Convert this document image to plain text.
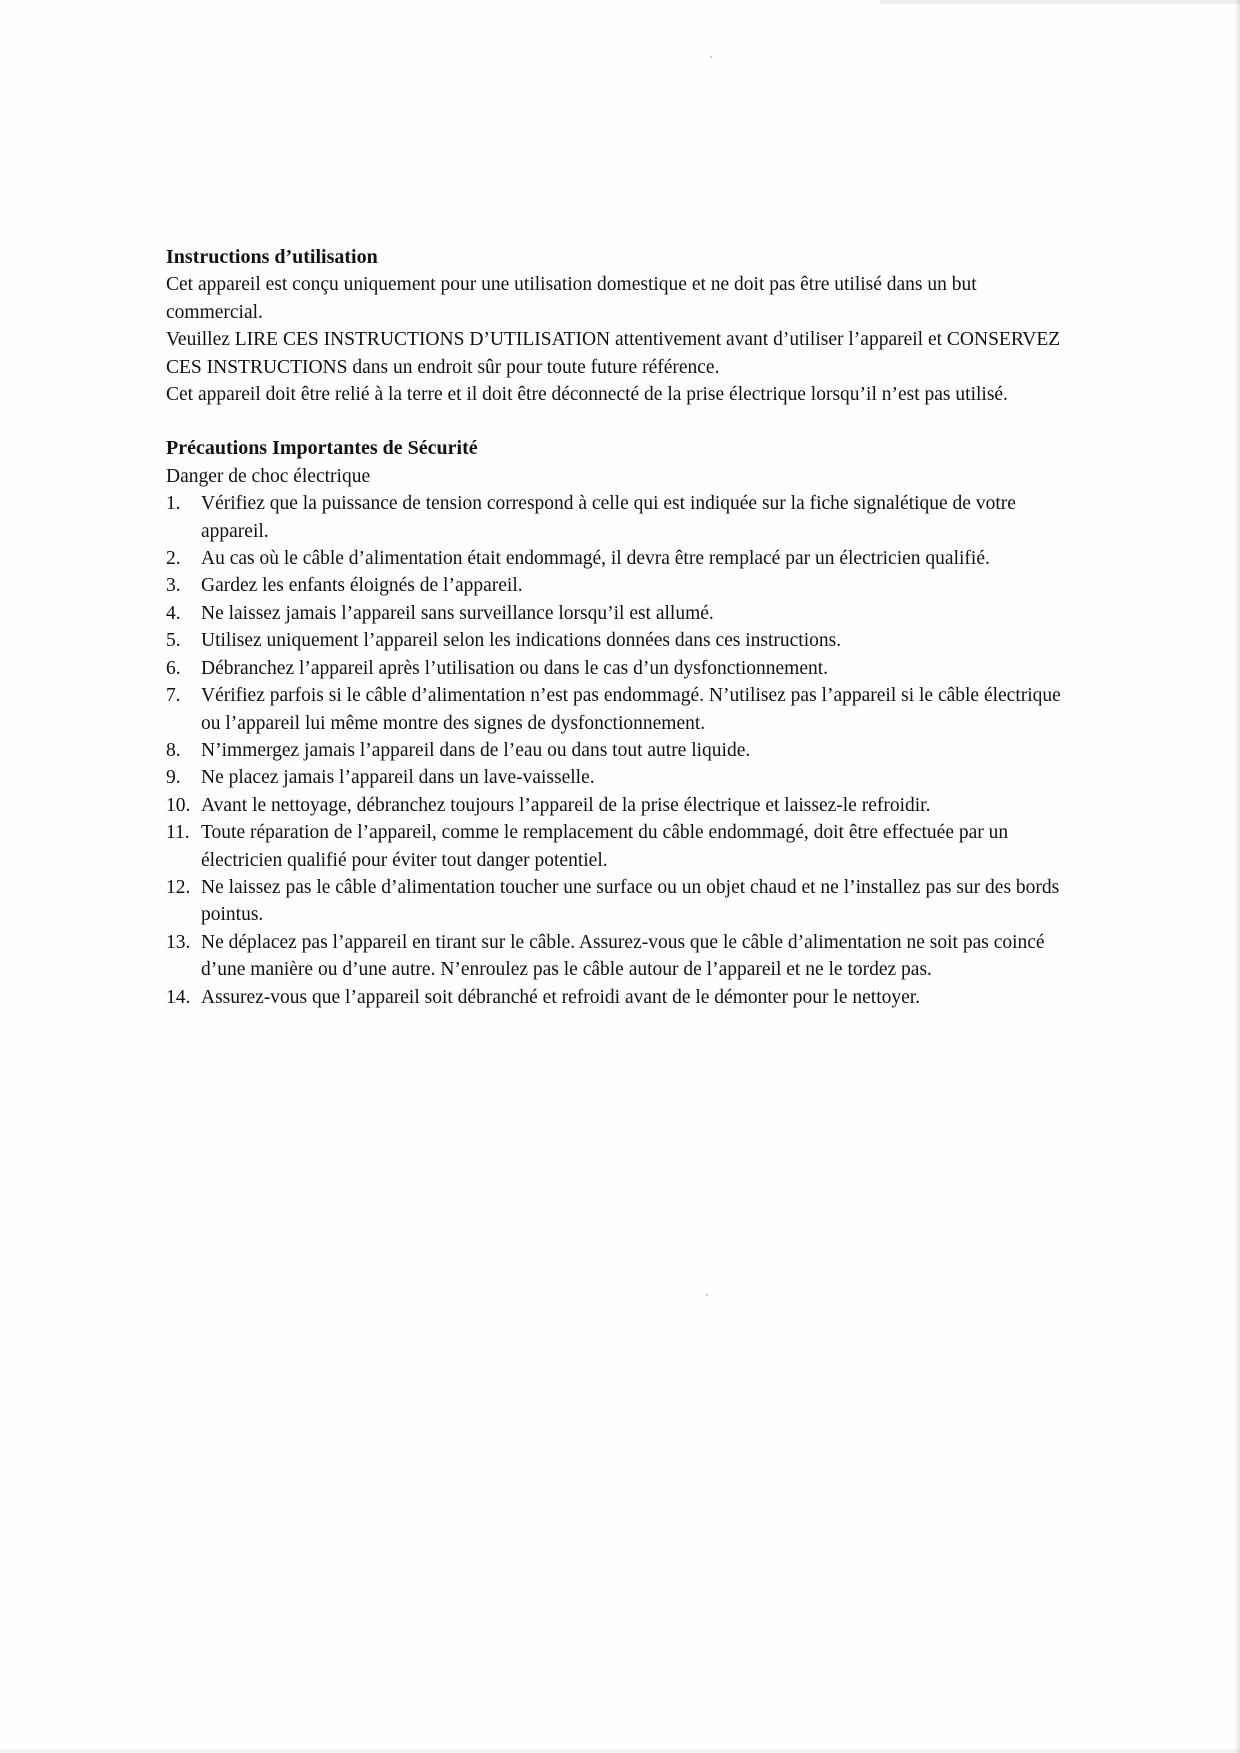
Instructions d’utilisation

Cet appareil est conçu uniquement pour une utilisation domestique et ne doit pas être utilisé dans un but commercial.

Veuillez LIRE CES INSTRUCTIONS D’UTILISATION attentivement avant d’utiliser l’appareil et CONSERVEZ CES INSTRUCTIONS dans un endroit sûr pour toute future référence.

Cet appareil doit être relié à la terre et il doit être déconnecté de la prise électrique lorsqu’il n’est pas utilisé.

Précautions Importantes de Sécurité

Danger de choc électrique

1.	Vérifiez que la puissance de tension correspond à celle qui est indiquée sur la fiche signalétique de votre appareil.
2.	Au cas où le câble d’alimentation était endommagé, il devra être remplacé par un électricien qualifié.
3.	Gardez les enfants éloignés de l’appareil.
4.	Ne laissez jamais l’appareil sans surveillance lorsqu’il est allumé.
5.	Utilisez uniquement l’appareil selon les indications données dans ces instructions.
6.	Débranchez l’appareil après l’utilisation ou dans le cas d’un dysfonctionnement.
7.	Vérifiez parfois si le câble d’alimentation n’est pas endommagé. N’utilisez pas l’appareil si le câble électrique ou l’appareil lui même montre des signes de dysfonctionnement.
8.	N’immergez jamais l’appareil dans de l’eau ou dans tout autre liquide.
9.	Ne placez jamais l’appareil dans un lave-vaisselle.
10. Avant le nettoyage, débranchez toujours l’appareil de la prise électrique et laissez-le refroidir.
11. Toute réparation de l’appareil, comme le remplacement du câble endommagé, doit être effectuée par un électricien qualifié pour éviter tout danger potentiel.
12. Ne laissez pas le câble d’alimentation toucher une surface ou un objet chaud et ne l’installez pas sur des bords pointus.
13. Ne déplacez pas l’appareil en tirant sur le câble. Assurez-vous que le câble d’alimentation ne soit pas coincé d’une manière ou d’une autre. N’enroulez pas le câble autour de l’appareil et ne le tordez pas.
14. Assurez-vous que l’appareil soit débranché et refroidi avant de le démonter pour le nettoyer.
